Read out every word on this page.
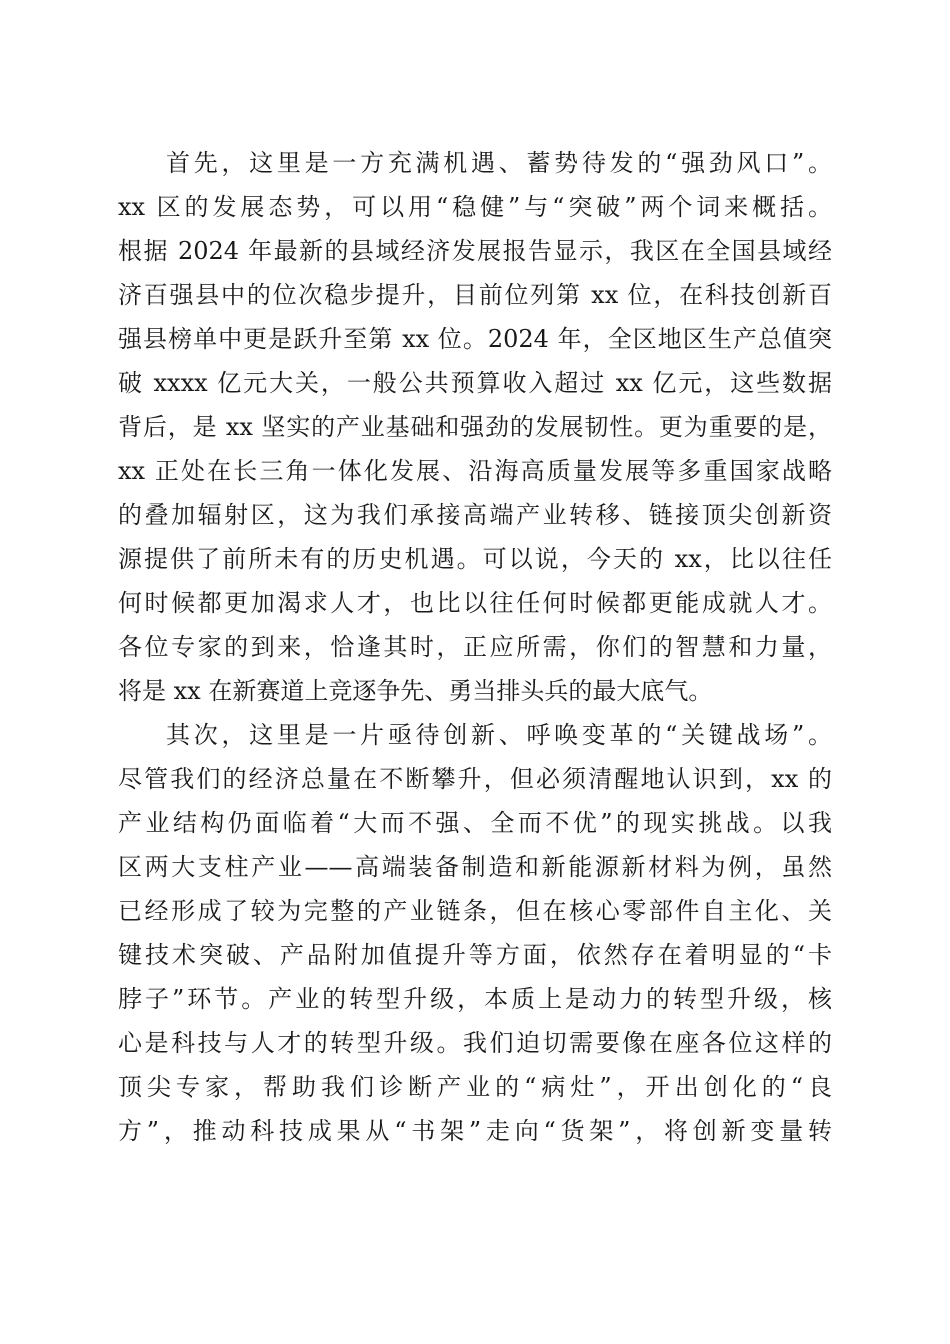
首先，这里是一方充满机遇、蓄势待发的“强劲风口”。
xx 区的发展态势，可以用“稳健”与“突破”两个词来概括。
根据 2024 年最新的县域经济发展报告显示，我区在全国县域经
济百强县中的位次稳步提升，目前位列第 xx 位，在科技创新百
强县榜单中更是跃升至第 xx 位。2024 年，全区地区生产总值突
破 xxxx 亿元大关，一般公共预算收入超过 xx 亿元，这些数据
背后，是 xx 坚实的产业基础和强劲的发展韧性。更为重要的是，
xx 正处在长三角一体化发展、沿海高质量发展等多重国家战略
的叠加辐射区，这为我们承接高端产业转移、链接顶尖创新资
源提供了前所未有的历史机遇。可以说，今天的 xx，比以往任
何时候都更加渴求人才，也比以往任何时候都更能成就人才。
各位专家的到来，恰逢其时，正应所需，你们的智慧和力量，
将是 xx 在新赛道上竞逐争先、勇当排头兵的最大底气。
其次，这里是一片亟待创新、呼唤变革的“关键战场”。
尽管我们的经济总量在不断攀升，但必须清醒地认识到，xx 的
产业结构仍面临着“大而不强、全而不优”的现实挑战。以我
区两大支柱产业——高端装备制造和新能源新材料为例，虽然
已经形成了较为完整的产业链条，但在核心零部件自主化、关
键技术突破、产品附加值提升等方面，依然存在着明显的“卡
脖子”环节。产业的转型升级，本质上是动力的转型升级，核
心是科技与人才的转型升级。我们迫切需要像在座各位这样的
顶尖专家，帮助我们诊断产业的“病灶”，开出创化的“良
方”，推动科技成果从“书架”走向“货架”，将创新变量转
